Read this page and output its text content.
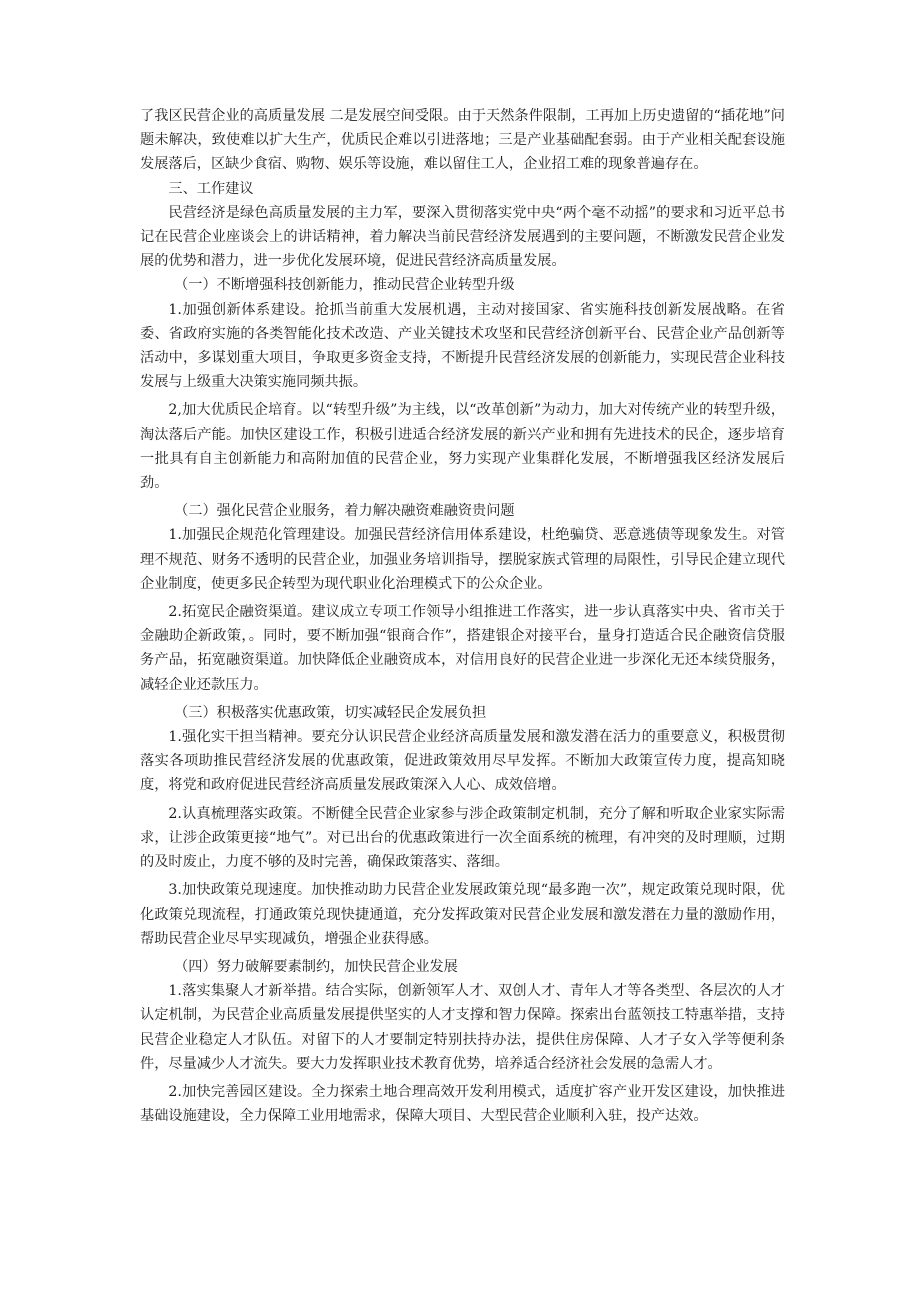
了我区民营企业的高质量发展 二是发展空间受限。由于天然条件限制，工再加上历史遗留的“插花地”问题未解决，致使难以扩大生产，优质民企难以引进落地；三是产业基础配套弱。由于产业相关配套设施发展落后，区缺少食宿、购物、娱乐等设施，难以留住工人，企业招工难的现象普遍存在。

三、工作建议

民营经济是绿色高质量发展的主力军，要深入贯彻落实党中央“两个毫不动摇”的要求和习近平总书记在民营企业座谈会上的讲话精神，着力解决当前民营经济发展遇到的主要问题，不断激发民营企业发展的优势和潜力，进一步优化发展环境，促进民营经济高质量发展。

（一）不断增强科技创新能力，推动民营企业转型升级

1.加强创新体系建设。抢抓当前重大发展机遇，主动对接国家、省实施科技创新发展战略。在省委、省政府实施的各类智能化技术改造、产业关键技术攻坚和民营经济创新平台、民营企业产品创新等活动中，多谋划重大项目，争取更多资金支持，不断提升民营经济发展的创新能力，实现民营企业科技发展与上级重大决策实施同频共振。

2,加大优质民企培育。以“转型升级”为主线，以“改革创新”为动力，加大对传统产业的转型升级，淘汰落后产能。加快区建设工作，积极引进适合经济发展的新兴产业和拥有先进技术的民企，逐步培育一批具有自主创新能力和高附加值的民营企业，努力实现产业集群化发展，不断增强我区经济发展后劲。

（二）强化民营企业服务，着力解决融资难融资贵问题

1.加强民企规范化管理建设。加强民营经济信用体系建设，杜绝骗贷、恶意逃债等现象发生。对管理不规范、财务不透明的民营企业，加强业务培训指导，摆脱家族式管理的局限性，引导民企建立现代企业制度，使更多民企转型为现代职业化治理模式下的公众企业。

2.拓宽民企融资渠道。建议成立专项工作领导小组推进工作落实，进一步认真落实中央、省市关于金融助企新政策，。同时，要不断加强“银商合作”，搭建银企对接平台，量身打造适合民企融资信贷服务产品，拓宽融资渠道。加快降低企业融资成本，对信用良好的民营企业进一步深化无还本续贷服务，减轻企业还款压力。

（三）积极落实优惠政策，切实减轻民企发展负担

1.强化实干担当精神。要充分认识民营企业经济高质量发展和激发潜在活力的重要意义，积极贯彻落实各项助推民营经济发展的优惠政策，促进政策效用尽早发挥。不断加大政策宣传力度，提高知晓度，将党和政府促进民营经济高质量发展政策深入人心、成效倍增。

2.认真梳理落实政策。不断健全民营企业家参与涉企政策制定机制，充分了解和听取企业家实际需求，让涉企政策更接“地气”。对已出台的优惠政策进行一次全面系统的梳理，有冲突的及时理顺，过期的及时废止，力度不够的及时完善，确保政策落实、落细。

3.加快政策兑现速度。加快推动助力民营企业发展政策兑现“最多跑一次”，规定政策兑现时限，优化政策兑现流程，打通政策兑现快捷通道，充分发挥政策对民营企业发展和激发潜在力量的激励作用，帮助民营企业尽早实现减负，增强企业获得感。

（四）努力破解要素制约，加快民营企业发展

1.落实集聚人才新举措。结合实际，创新领军人才、双创人才、青年人才等各类型、各层次的人才认定机制，为民营企业高质量发展提供坚实的人才支撑和智力保障。探索出台蓝领技工特惠举措，支持民营企业稳定人才队伍。对留下的人才要制定特别扶持办法，提供住房保障、人才子女入学等便利条件，尽量减少人才流失。要大力发挥职业技术教育优势，培养适合经济社会发展的急需人才。

2.加快完善园区建设。全力探索土地合理高效开发利用模式，适度扩容产业开发区建设，加快推进基础设施建设，全力保障工业用地需求，保障大项目、大型民营企业顺利入驻，投产达效。
